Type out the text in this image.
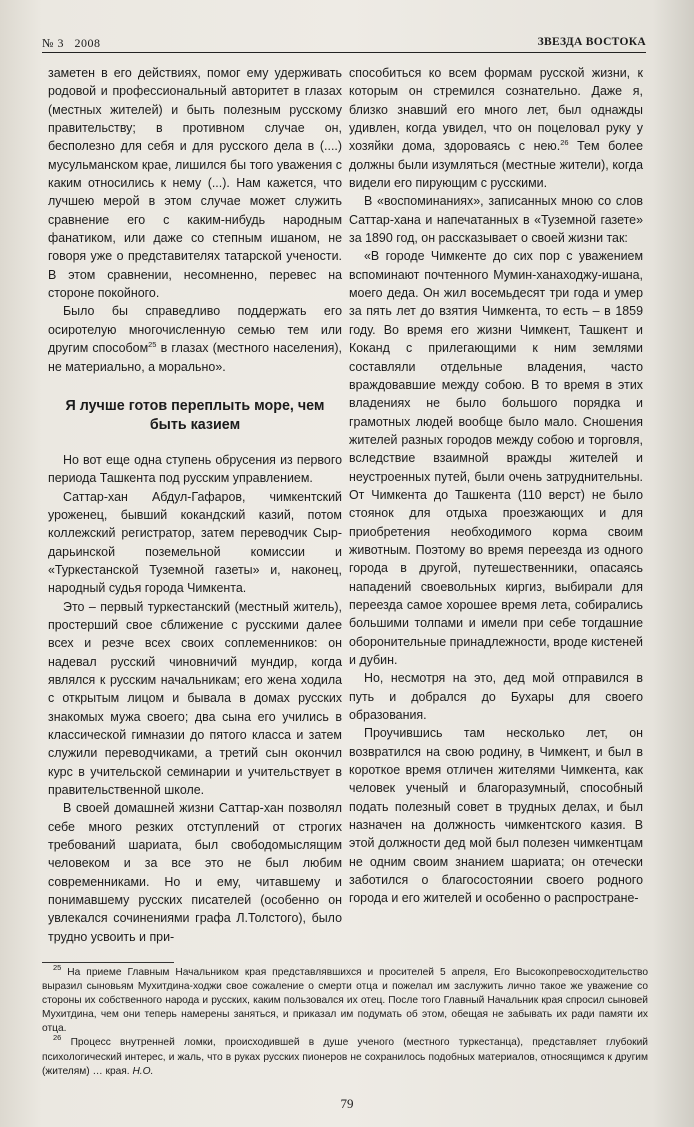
№ 3   2008	ЗВЕЗДА ВОСТОКА

заметен в его действиях, помог ему удерживать родовой и профессиональный авторитет в глазах (местных жителей) и быть полезным русскому правительству; в противном случае он, бесполезно для себя и для русского дела в (....) мусульманском крае, лишился бы того уважения с каким относились к нему (...). Нам кажется, что лучшею мерой в этом случае может служить сравнение его с каким-нибудь народным фанатиком, или даже со степным ишаном, не говоря уже о представителях татарской учености. В этом сравнении, несомненно, перевес на стороне покойного.

Было бы справедливо поддержать его осиротелую многочисленную семью тем или другим способом$^{25}$ в глазах (местного населения), не материально, а морально».

Я лучше готов переплыть море, чем быть казием

Но вот еще одна ступень обрусения из первого периода Ташкента под русским управлением.

Саттар-хан Абдул-Гафаров, чимкентский уроженец, бывший кокандский казий, потом коллежский регистратор, затем переводчик Сыр-дарьинской поземельной комиссии и «Туркестанской Туземной газеты» и, наконец, народный судья города Чимкента.

Это – первый туркестанский (местный житель), простерший свое сближение с русскими далее всех и резче всех своих соплеменников: он надевал русский чиновничий мундир, когда являлся к русским начальникам; его жена ходила с открытым лицом и бывала в домах русских знакомых мужа своего; два сына его учились в классической гимназии до пятого класса и затем служили переводчиками, а третий сын окончил курс в учительской семинарии и учительствует в правительственной школе.

В своей домашней жизни Саттар-хан позволял себе много резких отступлений от строгих требований шариата, был свободомыслящим человеком и за все это не был любим современниками. Но и ему, читавшему и понимавшему русских писателей (особенно он увлекался сочинениями графа Л.Толстого), было трудно усвоить и при-

способиться ко всем формам русской жизни, к которым он стремился сознательно. Даже я, близко знавший его много лет, был однажды удивлен, когда увидел, что он поцеловал руку у хозяйки дома, здороваясь с нею.$^{26}$ Тем более должны были изумляться (местные жители), когда видели его пирующим с русскими.

В «воспоминаниях», записанных мною со слов Саттар-хана и напечатанных в «Туземной газете» за 1890 год, он рассказывает о своей жизни так:

«В городе Чимкенте до сих пор с уважением вспоминают почтенного Мумин-ханаходжу-ишана, моего деда. Он жил восемьдесят три года и умер за пять лет до взятия Чимкента, то есть – в 1859 году. Во время его жизни Чимкент, Ташкент и Коканд с прилегающими к ним землями составляли отдельные владения, часто враждовавшие между собою. В то время в этих владениях не было большого порядка и грамотных людей вообще было мало. Сношения жителей разных городов между собою и торговля, вследствие взаимной вражды жителей и неустроенных путей, были очень затруднительны. От Чимкента до Ташкента (110 верст) не было стоянок для отдыха проезжающих и для приобретения необходимого корма своим животным. Поэтому во время переезда из одного города в другой, путешественники, опасаясь нападений своевольных киргиз, выбирали для переезда самое хорошее время лета, собирались большими толпами и имели при себе тогдашние оборонительные принадлежности, вроде кистеней и дубин.

Но, несмотря на это, дед мой отправился в путь и добрался до Бухары для своего образования.

Проучившись там несколько лет, он возвратился на свою родину, в Чимкент, и был в короткое время отличен жителями Чимкента, как человек ученый и благоразумный, способный подать полезный совет в трудных делах, и был назначен на должность чимкентского казия. В этой должности дед мой был полезен чимкентцам не одним своим знанием шариата; он отечески заботился о благосостоянии своего родного города и его жителей и особенно о распростране-

$^{25}$ На приеме Главным Начальником края представлявшихся и просителей 5 апреля, Его Высокопревосходительство выразил сыновьям Мухитдина-ходжи свое сожаление о смерти отца и пожелал им заслужить лично такое же уважение со стороны их собственного народа и русских, каким пользовался их отец. После того Главный Начальник края спросил сыновей Мухитдина, чем они теперь намерены заняться, и приказал им подумать об этом, обещая не забывать их ради памяти их отца.

$^{26}$ Процесс внутренней ломки, происходившей в душе ученого (местного туркестанца), представляет глубокий психологический интерес, и жаль, что в руках русских пионеров не сохранилось подобных материалов, относящимся к другим (жителям) … края. Н.О.

79
